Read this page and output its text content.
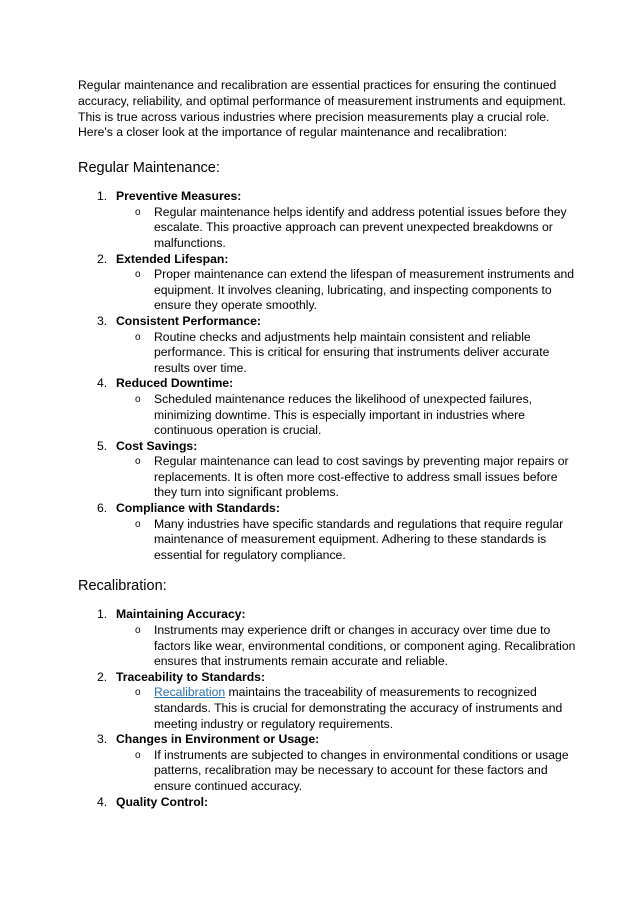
Regular maintenance and recalibration are essential practices for ensuring the continued accuracy, reliability, and optimal performance of measurement instruments and equipment. This is true across various industries where precision measurements play a crucial role. Here's a closer look at the importance of regular maintenance and recalibration:

Regular Maintenance:
1. Preventive Measures:
o Regular maintenance helps identify and address potential issues before they escalate. This proactive approach can prevent unexpected breakdowns or malfunctions.
2. Extended Lifespan:
o Proper maintenance can extend the lifespan of measurement instruments and equipment. It involves cleaning, lubricating, and inspecting components to ensure they operate smoothly.
3. Consistent Performance:
o Routine checks and adjustments help maintain consistent and reliable performance. This is critical for ensuring that instruments deliver accurate results over time.
4. Reduced Downtime:
o Scheduled maintenance reduces the likelihood of unexpected failures, minimizing downtime. This is especially important in industries where continuous operation is crucial.
5. Cost Savings:
o Regular maintenance can lead to cost savings by preventing major repairs or replacements. It is often more cost-effective to address small issues before they turn into significant problems.
6. Compliance with Standards:
o Many industries have specific standards and regulations that require regular maintenance of measurement equipment. Adhering to these standards is essential for regulatory compliance.
Recalibration:
1. Maintaining Accuracy:
o Instruments may experience drift or changes in accuracy over time due to factors like wear, environmental conditions, or component aging. Recalibration ensures that instruments remain accurate and reliable.
2. Traceability to Standards:
o Recalibration maintains the traceability of measurements to recognized standards. This is crucial for demonstrating the accuracy of instruments and meeting industry or regulatory requirements.
3. Changes in Environment or Usage:
o If instruments are subjected to changes in environmental conditions or usage patterns, recalibration may be necessary to account for these factors and ensure continued accuracy.
4. Quality Control:
